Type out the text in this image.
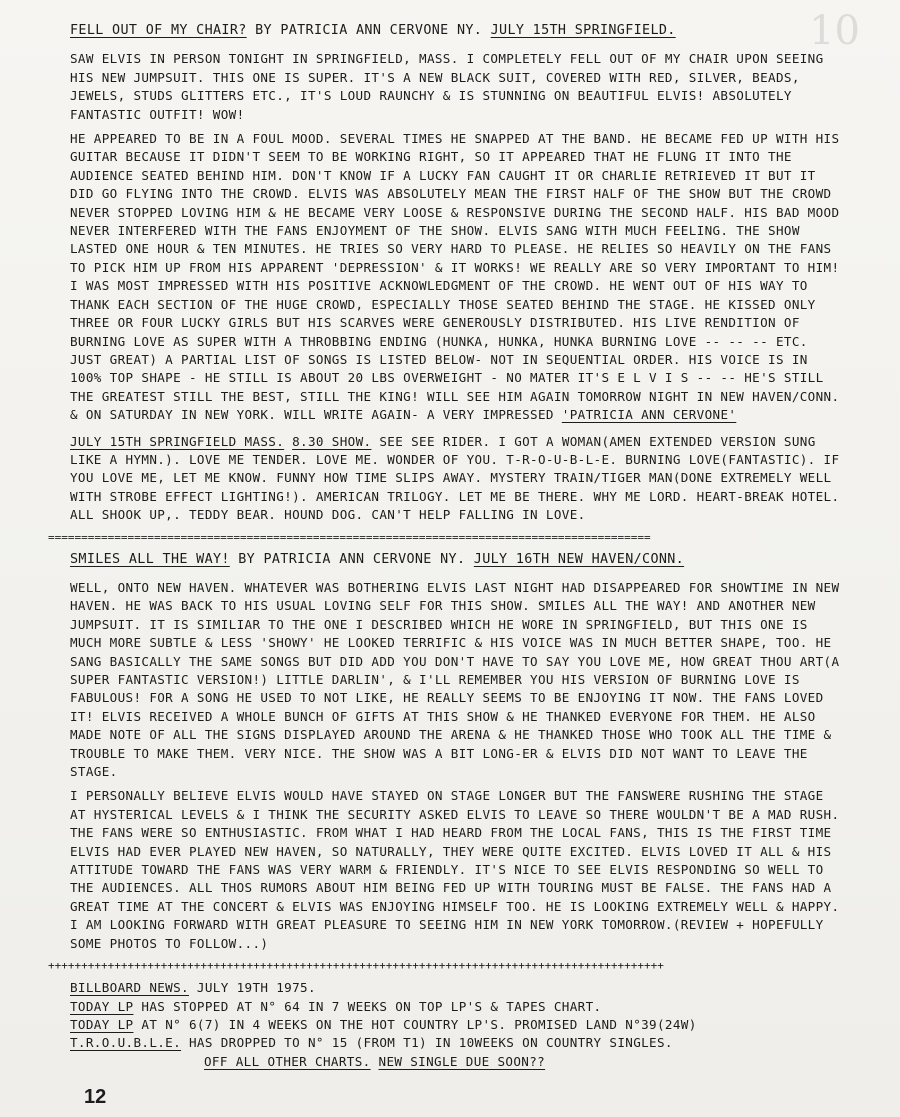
10
FELL OUT OF MY CHAIR? BY PATRICIA ANN CERVONE NY. JULY 15TH SPRINGFIELD.

SAW ELVIS IN PERSON TONIGHT IN SPRINGFIELD, MASS. I COMPLETELY FELL OUT OF MY CHAIR UPON SEEING HIS NEW JUMPSUIT. THIS ONE IS SUPER. IT'S A NEW BLACK SUIT, COVERED WITH RED, SILVER, BEADS, JEWELS, STUDS GLITTERS ETC., IT'S LOUD RAUNCHY & IS STUNNING ON BEAUTIFUL ELVIS! ABSOLUTELY FANTASTIC OUTFIT! WOW!

HE APPEARED TO BE IN A FOUL MOOD. SEVERAL TIMES HE SNAPPED AT THE BAND. HE BECAME FED UP WITH HIS GUITAR BECAUSE IT DIDN'T SEEM TO BE WORKING RIGHT, SO IT APPEARED THAT HE FLUNG IT INTO THE AUDIENCE SEATED BEHIND HIM. DON'T KNOW IF A LUCKY FAN CAUGHT IT OR CHARLIE RETRIEVED IT BUT IT DID GO FLYING INTO THE CROWD. ELVIS WAS ABSOLUTELY MEAN THE FIRST HALF OF THE SHOW BUT THE CROWD NEVER STOPPED LOVING HIM & HE BECAME VERY LOOSE & RESPONSIVE DURING THE SECOND HALF. HIS BAD MOOD NEVER INTERFERED WITH THE FANS ENJOYMENT OF THE SHOW. ELVIS SANG WITH MUCH FEELING. THE SHOW LASTED ONE HOUR & TEN MINUTES. HE TRIES SO VERY HARD TO PLEASE. HE RELIES SO HEAVILY ON THE FANS TO PICK HIM UP FROM HIS APPARENT 'DEPRESSION' & IT WORKS! WE REALLY ARE SO VERY IMPORTANT TO HIM! I WAS MOST IMPRESSED WITH HIS POSITIVE ACKNOWLEDGMENT OF THE CROWD. HE WENT OUT OF HIS WAY TO THANK EACH SECTION OF THE HUGE CROWD, ESPECIALLY THOSE SEATED BEHIND THE STAGE. HE KISSED ONLY THREE OR FOUR LUCKY GIRLS BUT HIS SCARVES WERE GENEROUSLY DISTRIBUTED. HIS LIVE RENDITION OF BURNING LOVE AS SUPER WITH A THROBBING ENDING (HUNKA, HUNKA, HUNKA BURNING LOVE -- -- -- ETC. JUST GREAT) A PARTIAL LIST OF SONGS IS LISTED BELOW- NOT IN SEQUENTIAL ORDER. HIS VOICE IS IN 100% TOP SHAPE - HE STILL IS ABOUT 20 LBS OVERWEIGHT - NO MATER IT'S E L V I S -- -- HE'S STILL THE GREATEST STILL THE BEST, STILL THE KING! WILL SEE HIM AGAIN TOMORROW NIGHT IN NEW HAVEN/CONN. & ON SATURDAY IN NEW YORK. WILL WRITE AGAIN- A VERY IMPRESSED 'PATRICIA ANN CERVONE'

JULY 15TH SPRINGFIELD MASS. 8.30 SHOW. SEE SEE RIDER. I GOT A WOMAN(AMEN EXTENDED VERSION SUNG LIKE A HYMN.). LOVE ME TENDER. LOVE ME. WONDER OF YOU. T-R-O-U-B-L-E. BURNING LOVE(FANTASTIC). IF YOU LOVE ME, LET ME KNOW. FUNNY HOW TIME SLIPS AWAY. MYSTERY TRAIN/TIGER MAN(DONE EXTREMELY WELL WITH STROBE EFFECT LIGHTING!). AMERICAN TRILOGY. LET ME BE THERE. WHY ME LORD. HEART-BREAK HOTEL. ALL SHOOK UP,. TEDDY BEAR. HOUND DOG. CAN'T HELP FALLING IN LOVE.

===========================================================================================
SMILES ALL THE WAY! BY PATRICIA ANN CERVONE NY. JULY 16TH NEW HAVEN/CONN.

WELL, ONTO NEW HAVEN. WHATEVER WAS BOTHERING ELVIS LAST NIGHT HAD DISAPPEARED FOR SHOWTIME IN NEW HAVEN. HE WAS BACK TO HIS USUAL LOVING SELF FOR THIS SHOW. SMILES ALL THE WAY! AND ANOTHER NEW JUMPSUIT. IT IS SIMILIAR TO THE ONE I DESCRIBED WHICH HE WORE IN SPRINGFIELD, BUT THIS ONE IS MUCH MORE SUBTLE & LESS 'SHOWY' HE LOOKED TERRIFIC & HIS VOICE WAS IN MUCH BETTER SHAPE, TOO. HE SANG BASICALLY THE SAME SONGS BUT DID ADD YOU DON'T HAVE TO SAY YOU LOVE ME, HOW GREAT THOU ART(A SUPER FANTASTIC VERSION!) LITTLE DARLIN', & I'LL REMEMBER YOU HIS VERSION OF BURNING LOVE IS FABULOUS! FOR A SONG HE USED TO NOT LIKE, HE REALLY SEEMS TO BE ENJOYING IT NOW. THE FANS LOVED IT! ELVIS RECEIVED A WHOLE BUNCH OF GIFTS AT THIS SHOW & HE THANKED EVERYONE FOR THEM. HE ALSO MADE NOTE OF ALL THE SIGNS DISPLAYED AROUND THE ARENA & HE THANKED THOSE WHO TOOK ALL THE TIME & TROUBLE TO MAKE THEM. VERY NICE. THE SHOW WAS A BIT LONG-ER & ELVIS DID NOT WANT TO LEAVE THE STAGE.

I PERSONALLY BELIEVE ELVIS WOULD HAVE STAYED ON STAGE LONGER BUT THE FANSWERE RUSHING THE STAGE AT HYSTERICAL LEVELS & I THINK THE SECURITY ASKED ELVIS TO LEAVE SO THERE WOULDN'T BE A MAD RUSH. THE FANS WERE SO ENTHUSIASTIC. FROM WHAT I HAD HEARD FROM THE LOCAL FANS, THIS IS THE FIRST TIME ELVIS HAD EVER PLAYED NEW HAVEN, SO NATURALLY, THEY WERE QUITE EXCITED. ELVIS LOVED IT ALL & HIS ATTITUDE TOWARD THE FANS WAS VERY WARM & FRIENDLY. IT'S NICE TO SEE ELVIS RESPONDING SO WELL TO THE AUDIENCES. ALL THOS RUMORS ABOUT HIM BEING FED UP WITH TOURING MUST BE FALSE. THE FANS HAD A GREAT TIME AT THE CONCERT & ELVIS WAS ENJOYING HIMSELF TOO. HE IS LOOKING EXTREMELY WELL & HAPPY. I AM LOOKING FORWARD WITH GREAT PLEASURE TO SEEING HIM IN NEW YORK TOMORROW.(REVIEW + HOPEFULLY SOME PHOTOS TO FOLLOW...)

+++++++++++++++++++++++++++++++++++++++++++++++++++++++++++++++++++++++++++++++++++++++++++++

BILLBOARD NEWS. JULY 19TH 1975.

TODAY LP HAS STOPPED AT N° 64 IN 7 WEEKS ON TOP LP'S & TAPES CHART.

TODAY LP AT N° 6(7) IN 4 WEEKS ON THE HOT COUNTRY LP'S. PROMISED LAND N°39(24W)

T.R.O.U.B.L.E. HAS DROPPED TO N° 15 (FROM T1) IN 10WEEKS ON COUNTRY SINGLES.

OFF ALL OTHER CHARTS. NEW SINGLE DUE SOON??

12
